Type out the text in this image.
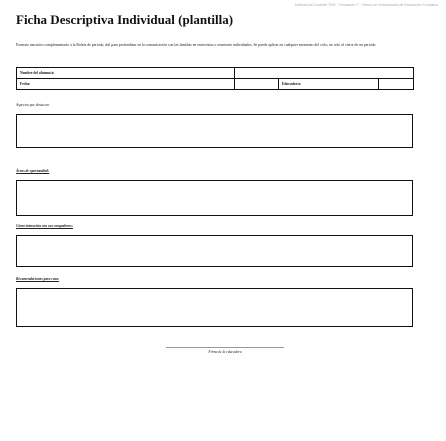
Material del Docente TEM · Formación 1° · Banco de Instrumentos de Evaluación Formativa
Ficha Descriptiva Individual (plantilla)

Formato narrativo complementario a la Boleta de periodo, útil para profundizar en la comunicación con las familias en entrevistas o reuniones individuales. Se puede aplicar en cualquier momento del ciclo, no solo al cierre de un periodo.

Nombre del alumno/a:			
Fecha:		Educador/a:	
Aspectos que destacan:
Áreas de oportunidad:
Cómo interactúa con sus compañeros:
Recomendaciones para casa:
Firma de la educadora
